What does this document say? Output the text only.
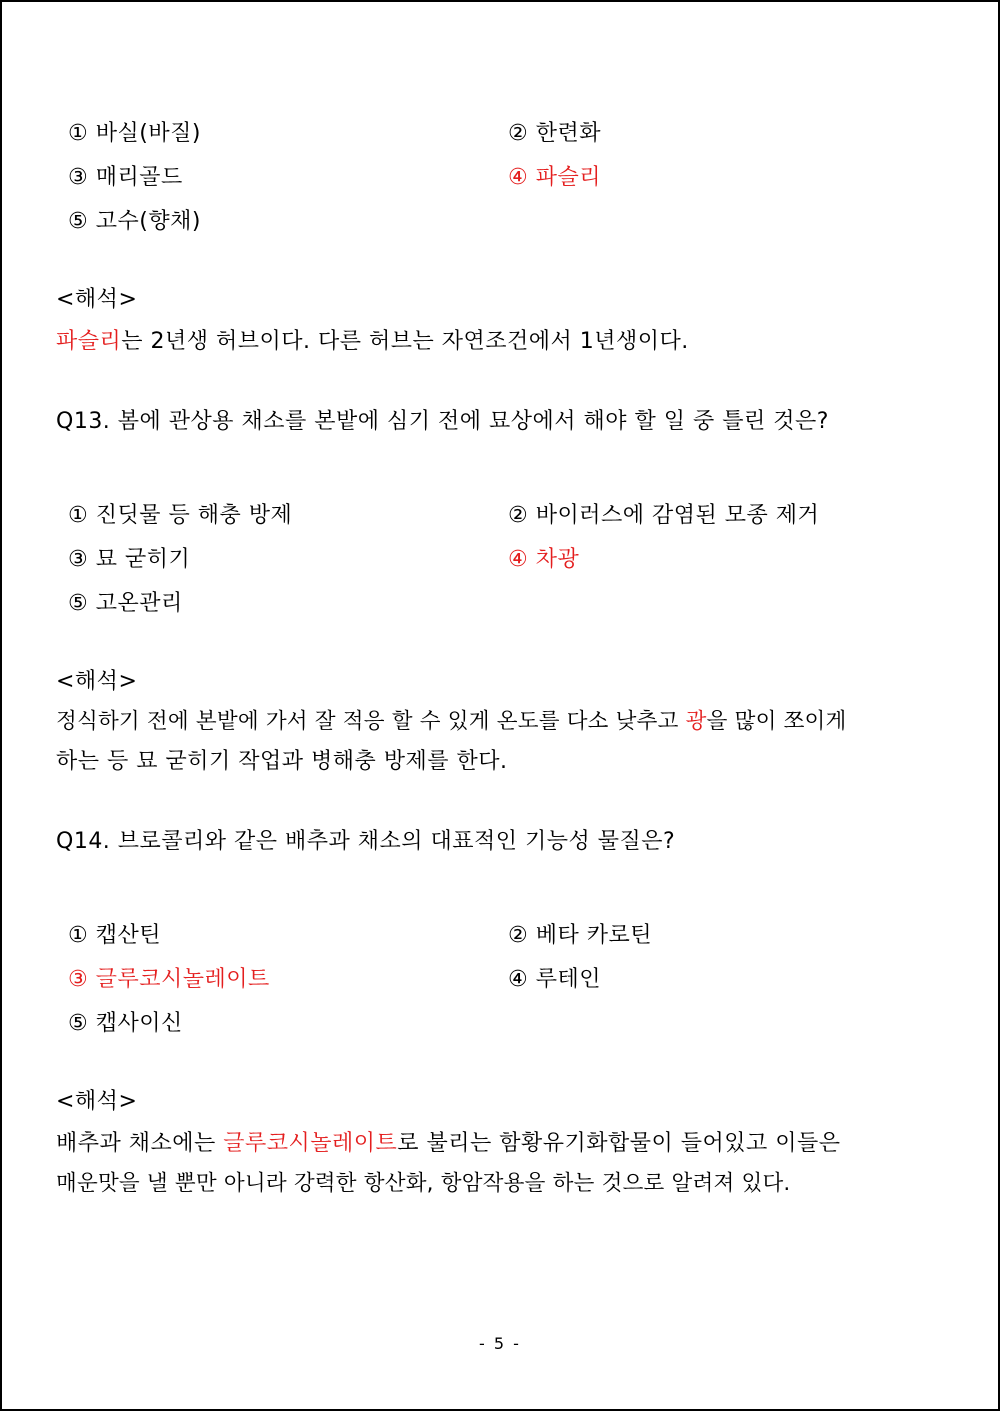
① 바실(바질)	② 한련화
③ 매리골드	④ 파슬리
⑤ 고수(향채)
<해석>
파슬리는 2년생 허브이다. 다른 허브는 자연조건에서 1년생이다.
Q13. 봄에 관상용 채소를 본밭에 심기 전에 묘상에서 해야 할 일 중 틀린 것은?
① 진딧물 등 해충 방제	② 바이러스에 감염된 모종 제거
③ 묘 굳히기	④ 차광
⑤ 고온관리
<해석>
정식하기 전에 본밭에 가서 잘 적응 할 수 있게 온도를 다소 낮추고 광을 많이 쪼이게
하는 등 묘 굳히기 작업과 병해충 방제를 한다.
Q14. 브로콜리와 같은 배추과 채소의 대표적인 기능성 물질은?
① 캡산틴	② 베타 카로틴
③ 글루코시놀레이트	④ 루테인
⑤ 캡사이신
<해석>
배추과 채소에는 글루코시놀레이트로 불리는 함황유기화합물이 들어있고 이들은
매운맛을 낼 뿐만 아니라 강력한 항산화, 항암작용을 하는 것으로 알려져 있다.
- 5 -
